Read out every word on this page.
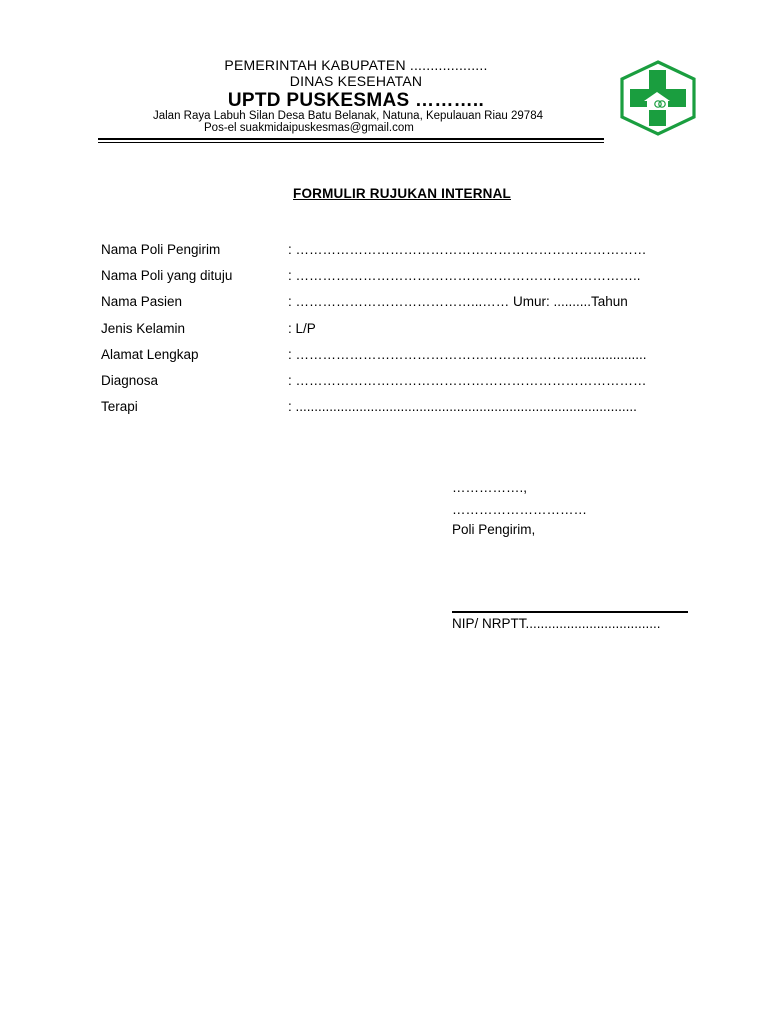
PEMERINTAH KABUPATEN ...................
DINAS KESEHATAN
UPTD PUSKESMAS ………..
Jalan Raya Labuh Silan Desa Batu Belanak, Natuna, Kepulauan Riau 29784
Pos-el suakmidaipuskesmas@gmail.com
FORMULIR RUJUKAN INTERNAL
Nama Poli Pengirim	: ……………………………………………………………………
Nama Poli yang dituju	: …………………………………………………………………..
Nama Pasien	: …………………………………...…… Umur: ..........Tahun
Jenis Kelamin	: L/P
Alamat Lengkap	: ………………………………………………………..................
Diagnosa	: ……………………………………………………………………
Terapi	: ...........................................................................................
…………….,
…………………………
Poli Pengirim,
NIP/ NRPTT....................................
